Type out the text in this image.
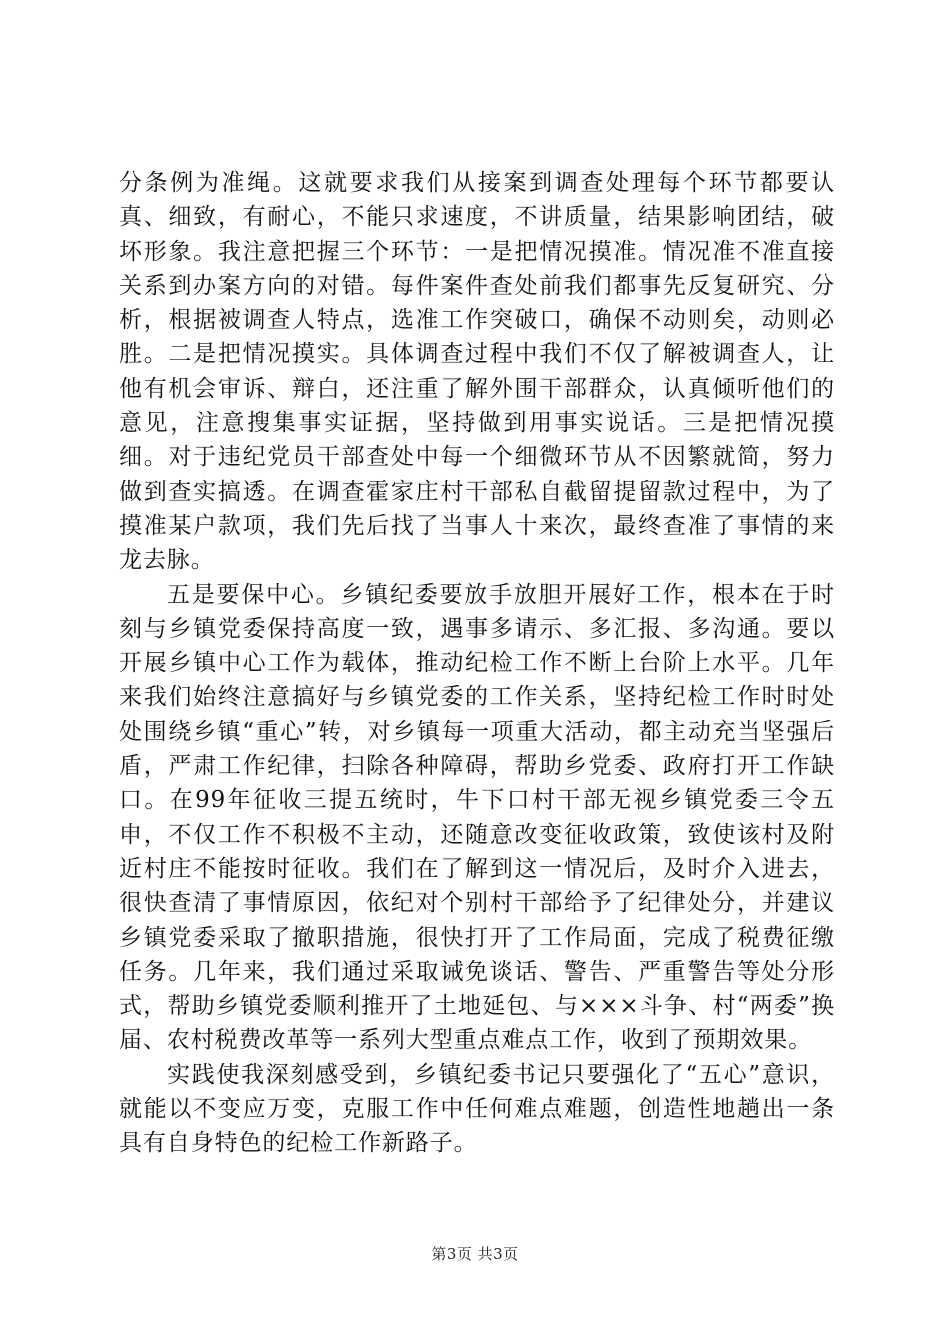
分条例为准绳。这就要求我们从接案到调查处理每个环节都要认真、细致，有耐心，不能只求速度，不讲质量，结果影响团结，破坏形象。我注意把握三个环节：一是把情况摸准。情况准不准直接关系到办案方向的对错。每件案件查处前我们都事先反复研究、分析，根据被调查人特点，选准工作突破口，确保不动则矣，动则必胜。二是把情况摸实。具体调查过程中我们不仅了解被调查人，让他有机会审诉、辩白，还注重了解外围干部群众，认真倾听他们的意见，注意搜集事实证据，坚持做到用事实说话。三是把情况摸细。对于违纪党员干部查处中每一个细微环节从不因繁就简，努力做到查实搞透。在调查霍家庄村干部私自截留提留款过程中，为了摸准某户款项，我们先后找了当事人十来次，最终查准了事情的来龙去脉。

五是要保中心。乡镇纪委要放手放胆开展好工作，根本在于时刻与乡镇党委保持高度一致，遇事多请示、多汇报、多沟通。要以开展乡镇中心工作为载体，推动纪检工作不断上台阶上水平。几年来我们始终注意搞好与乡镇党委的工作关系，坚持纪检工作时时处处围绕乡镇“重心”转，对乡镇每一项重大活动，都主动充当坚强后盾，严肃工作纪律，扫除各种障碍，帮助乡党委、政府打开工作缺口。在99年征收三提五统时，牛下口村干部无视乡镇党委三令五申，不仅工作不积极不主动，还随意改变征收政策，致使该村及附近村庄不能按时征收。我们在了解到这一情况后，及时介入进去，很快查清了事情原因，依纪对个别村干部给予了纪律处分，并建议乡镇党委采取了撤职措施，很快打开了工作局面，完成了税费征缴任务。几年来，我们通过采取诫免谈话、警告、严重警告等处分形式，帮助乡镇党委顺利推开了土地延包、与×××斗争、村“两委”换届、农村税费改革等一系列大型重点难点工作，收到了预期效果。

实践使我深刻感受到，乡镇纪委书记只要强化了“五心”意识，就能以不变应万变，克服工作中任何难点难题，创造性地趟出一条具有自身特色的纪检工作新路子。

第3页 共3页
